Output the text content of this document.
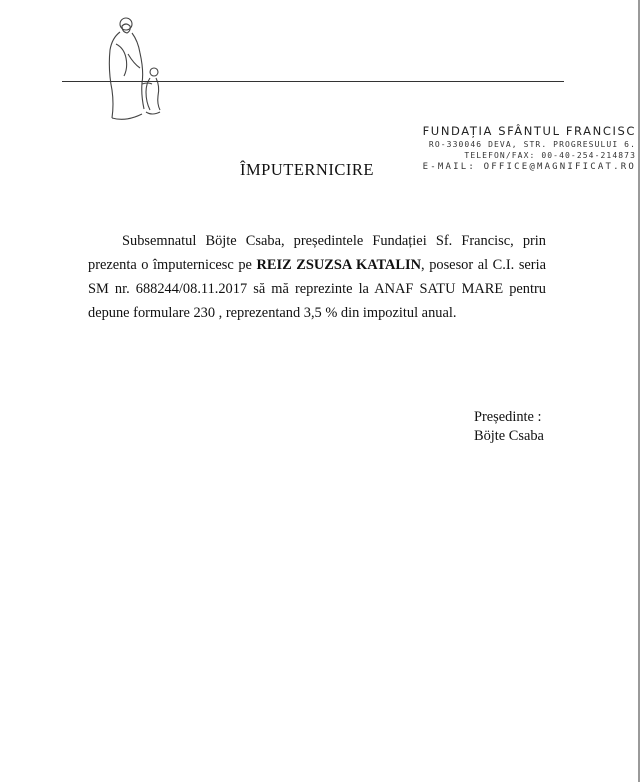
FUNDAȚIA SFÂNTUL FRANCISC
RO-330046 DEVA, STR. PROGRESULUI 6.
TELEFON/FAX: 00-40-254-214873
E-MAIL: OFFICE@MAGNIFICAT.RO
ÎMPUTERNICIRE

Subsemnatul Böjte Csaba, președintele Fundației Sf. Francisc, prin prezenta o împuternicesc pe REIZ ZSUZSA KATALIN, posesor al C.I. seria SM nr. 688244/08.11.2017 să mă reprezinte la ANAF SATU MARE pentru depune formulare 230 , reprezentand 3,5 % din impozitul anual.

Președinte :
Böjte Csaba
